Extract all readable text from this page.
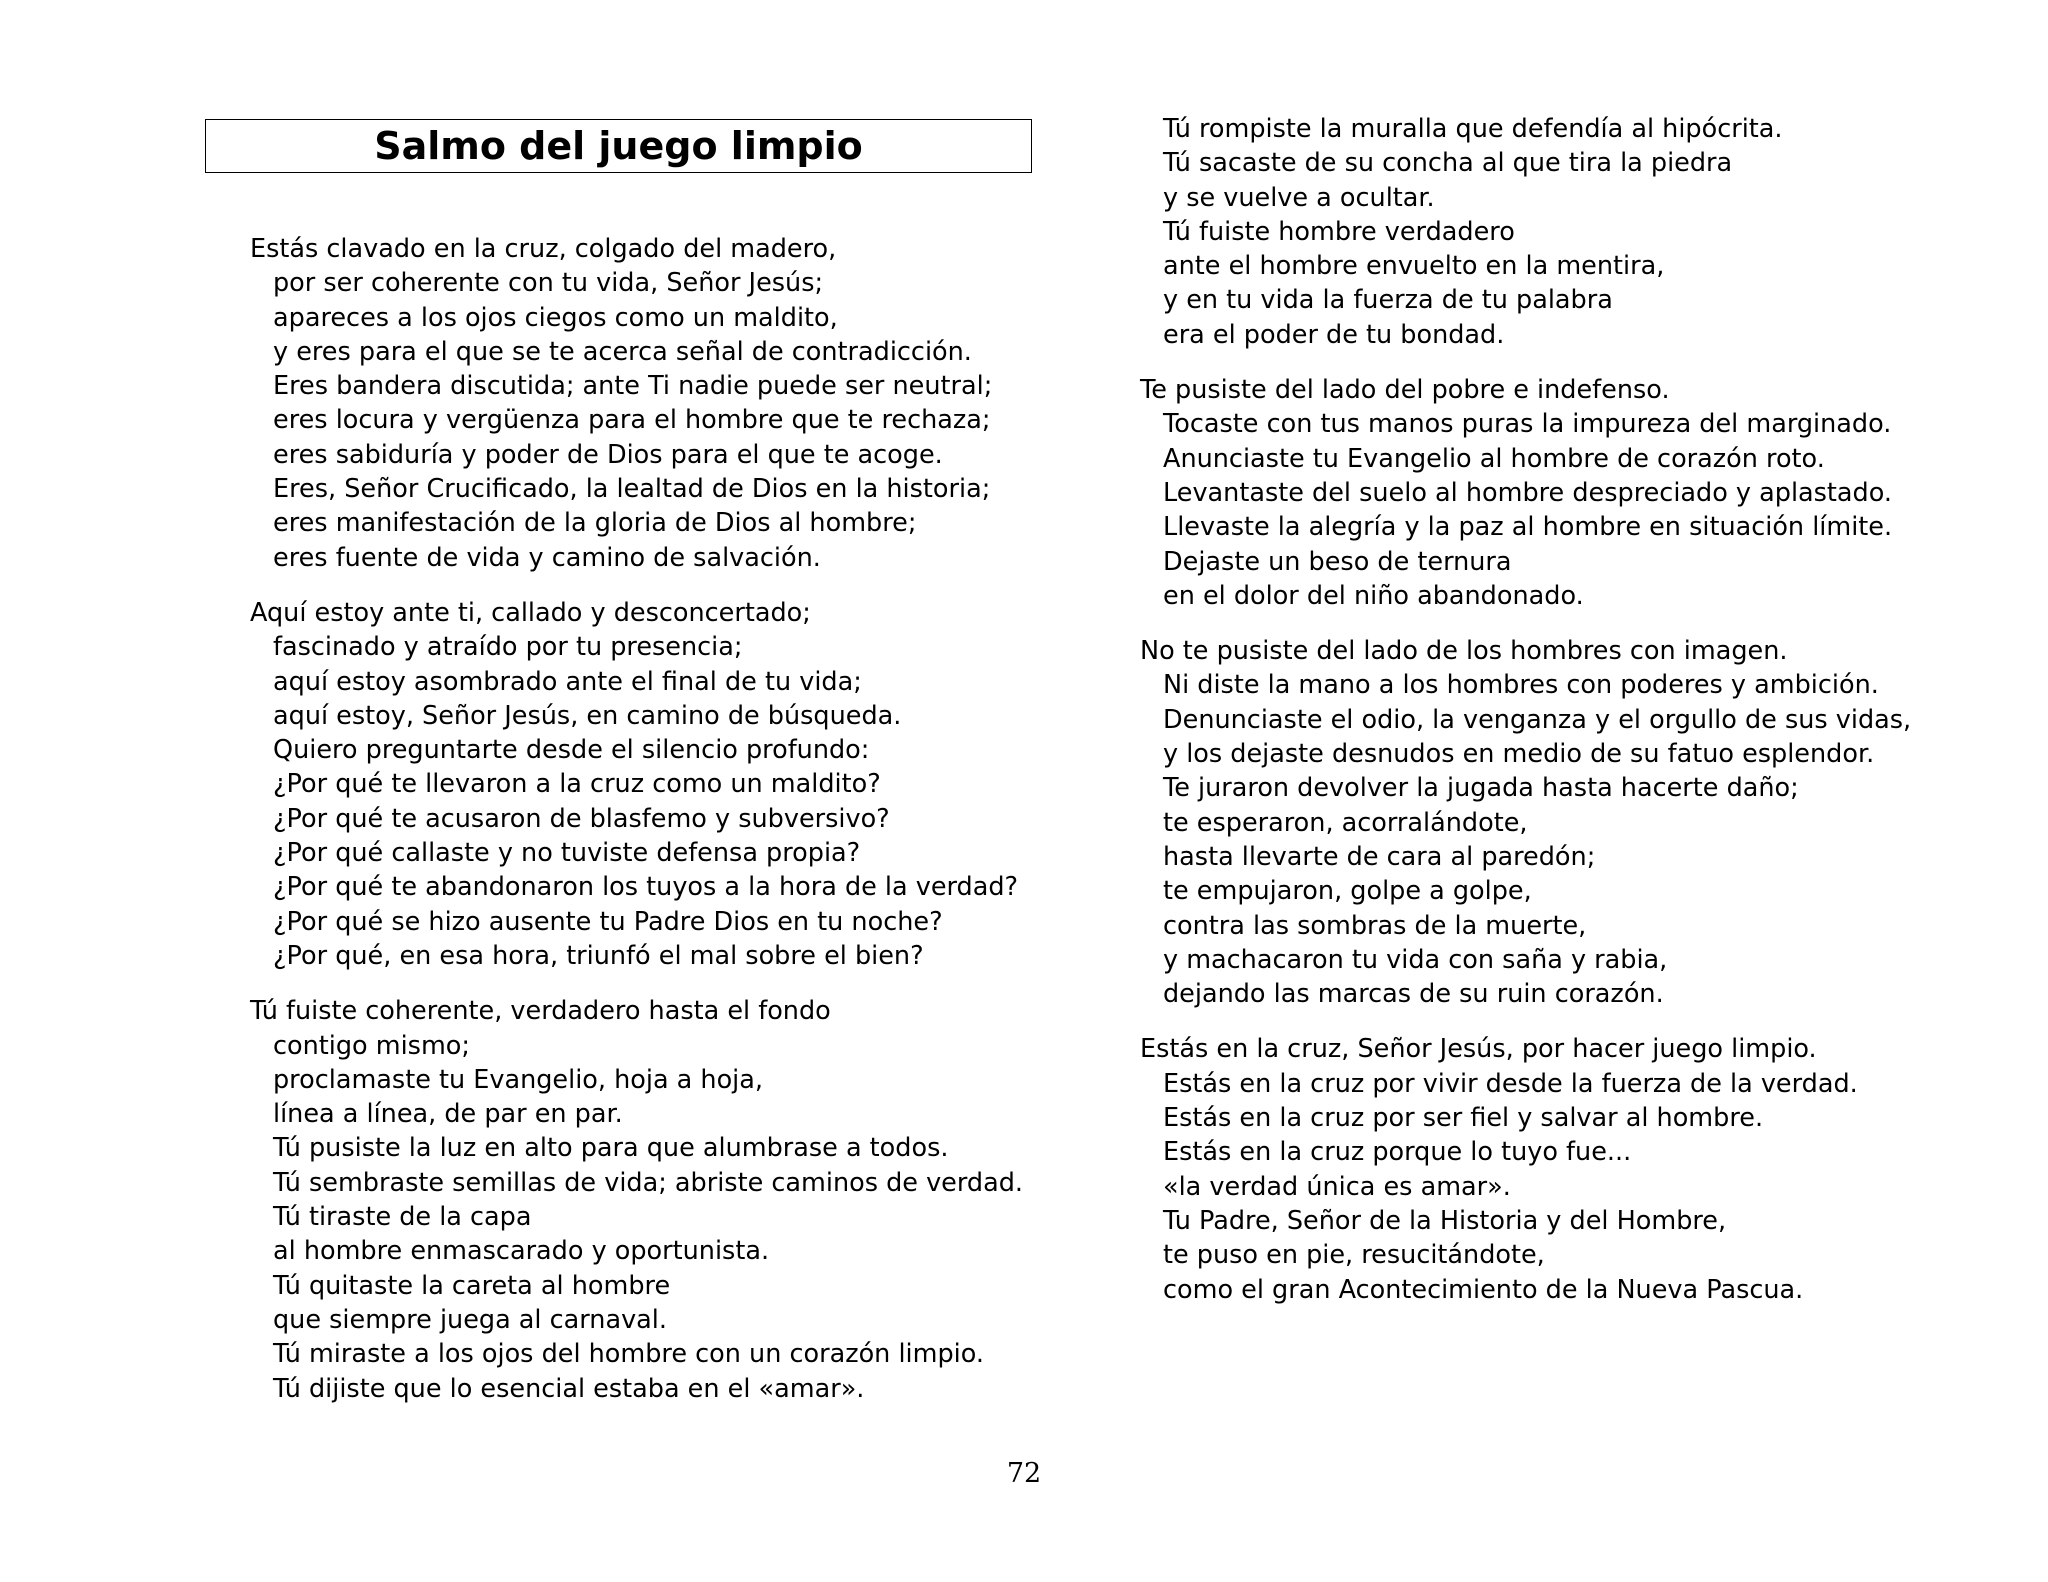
Salmo del juego limpio
Estás clavado en la cruz, colgado del madero,
por ser coherente con tu vida, Señor Jesús;
apareces a los ojos ciegos como un maldito,
y eres para el que se te acerca señal de contradicción.
Eres bandera discutida; ante Ti nadie puede ser neutral;
eres locura y vergüenza para el hombre que te rechaza;
eres sabiduría y poder de Dios para el que te acoge.
Eres, Señor Crucificado, la lealtad de Dios en la historia;
eres manifestación de la gloria de Dios al hombre;
eres fuente de vida y camino de salvación.
Aquí estoy ante ti, callado y desconcertado;
fascinado y atraído por tu presencia;
aquí estoy asombrado ante el final de tu vida;
aquí estoy, Señor Jesús, en camino de búsqueda.
Quiero preguntarte desde el silencio profundo:
¿Por qué te llevaron a la cruz como un maldito?
¿Por qué te acusaron de blasfemo y subversivo?
¿Por qué callaste y no tuviste defensa propia?
¿Por qué te abandonaron los tuyos a la hora de la verdad?
¿Por qué se hizo ausente tu Padre Dios en tu noche?
¿Por qué, en esa hora, triunfó el mal sobre el bien?
Tú fuiste coherente, verdadero hasta el fondo
contigo mismo;
proclamaste tu Evangelio, hoja a hoja,
línea a línea, de par en par.
Tú pusiste la luz en alto para que alumbrase a todos.
Tú sembraste semillas de vida; abriste caminos de verdad.
Tú tiraste de la capa
al hombre enmascarado y oportunista.
Tú quitaste la careta al hombre
que siempre juega al carnaval.
Tú miraste a los ojos del hombre con un corazón limpio.
Tú dijiste que lo esencial estaba en el «amar».
Tú rompiste la muralla que defendía al hipócrita.
Tú sacaste de su concha al que tira la piedra
y se vuelve a ocultar.
Tú fuiste hombre verdadero
ante el hombre envuelto en la mentira,
y en tu vida la fuerza de tu palabra
era el poder de tu bondad.
Te pusiste del lado del pobre e indefenso.
Tocaste con tus manos puras la impureza del marginado.
Anunciaste tu Evangelio al hombre de corazón roto.
Levantaste del suelo al hombre despreciado y aplastado.
Llevaste la alegría y la paz al hombre en situación límite.
Dejaste un beso de ternura
en el dolor del niño abandonado.
No te pusiste del lado de los hombres con imagen.
Ni diste la mano a los hombres con poderes y ambición.
Denunciaste el odio, la venganza y el orgullo de sus vidas,
y los dejaste desnudos en medio de su fatuo esplendor.
Te juraron devolver la jugada hasta hacerte daño;
te esperaron, acorralándote,
hasta llevarte de cara al paredón;
te empujaron, golpe a golpe,
contra las sombras de la muerte,
y machacaron tu vida con saña y rabia,
dejando las marcas de su ruin corazón.
Estás en la cruz, Señor Jesús, por hacer juego limpio.
Estás en la cruz por vivir desde la fuerza de la verdad.
Estás en la cruz por ser fiel y salvar al hombre.
Estás en la cruz porque lo tuyo fue...
«la verdad única es amar».
Tu Padre, Señor de la Historia y del Hombre,
te puso en pie, resucitándote,
como el gran Acontecimiento de la Nueva Pascua.
72
